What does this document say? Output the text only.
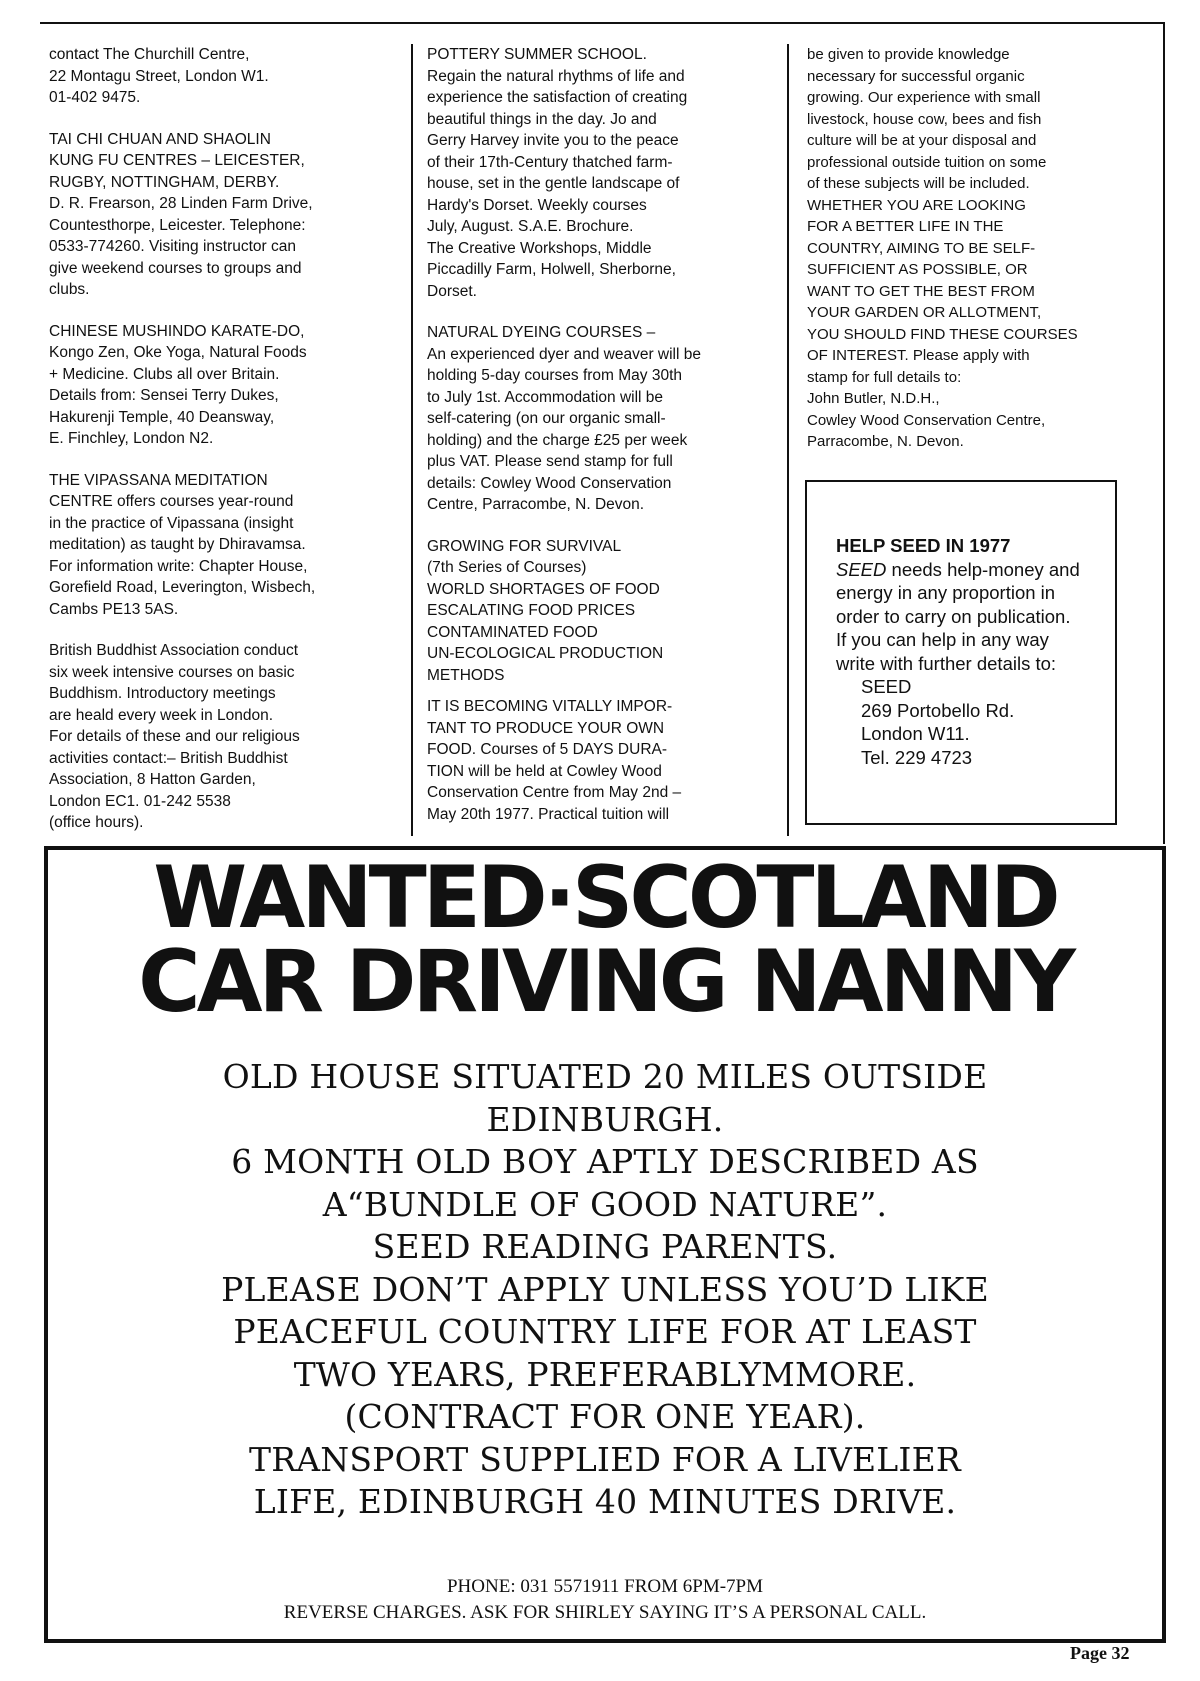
contact The Churchill Centre,
22 Montagu Street, London W1.
01-402 9475.

TAI CHI CHUAN AND SHAOLIN
KUNG FU CENTRES – LEICESTER,
RUGBY, NOTTINGHAM, DERBY.
D. R. Frearson, 28 Linden Farm Drive,
Countesthorpe, Leicester. Telephone:
0533-774260. Visiting instructor can
give weekend courses to groups and
clubs.

CHINESE MUSHINDO KARATE-DO,
Kongo Zen, Oke Yoga, Natural Foods
+ Medicine. Clubs all over Britain.
Details from: Sensei Terry Dukes,
Hakurenji Temple, 40 Deansway,
E. Finchley, London N2.

THE VIPASSANA MEDITATION
CENTRE offers courses year-round
in the practice of Vipassana (insight
meditation) as taught by Dhiravamsa.
For information write: Chapter House,
Gorefield Road, Leverington, Wisbech,
Cambs PE13 5AS.

British Buddhist Association conduct
six week intensive courses on basic
Buddhism. Introductory meetings
are heald every week in London.
For details of these and our religious
activities contact:– British Buddhist
Association, 8 Hatton Garden,
London EC1. 01-242 5538
(office hours).

POTTERY SUMMER SCHOOL.
Regain the natural rhythms of life and
experience the satisfaction of creating
beautiful things in the day. Jo and
Gerry Harvey invite you to the peace
of their 17th-Century thatched farm-
house, set in the gentle landscape of
Hardy's Dorset. Weekly courses
July, August. S.A.E. Brochure.
The Creative Workshops, Middle
Piccadilly Farm, Holwell, Sherborne,
Dorset.

NATURAL DYEING COURSES –
An experienced dyer and weaver will be
holding 5-day courses from May 30th
to July 1st. Accommodation will be
self-catering (on our organic small-
holding) and the charge £25 per week
plus VAT. Please send stamp for full
details: Cowley Wood Conservation
Centre, Parracombe, N. Devon.

GROWING FOR SURVIVAL
(7th Series of Courses)
WORLD SHORTAGES OF FOOD
ESCALATING FOOD PRICES
CONTAMINATED FOOD
UN-ECOLOGICAL PRODUCTION
METHODS

IT IS BECOMING VITALLY IMPOR-
TANT TO PRODUCE YOUR OWN
FOOD. Courses of 5 DAYS DURA-
TION will be held at Cowley Wood
Conservation Centre from May 2nd –
May 20th 1977. Practical tuition will

be given to provide knowledge
necessary for successful organic
growing. Our experience with small
livestock, house cow, bees and fish
culture will be at your disposal and
professional outside tuition on some
of these subjects will be included.
WHETHER YOU ARE LOOKING
FOR A BETTER LIFE IN THE
COUNTRY, AIMING TO BE SELF-
SUFFICIENT AS POSSIBLE, OR
WANT TO GET THE BEST FROM
YOUR GARDEN OR ALLOTMENT,
YOU SHOULD FIND THESE COURSES
OF INTEREST. Please apply with
stamp for full details to:
John Butler, N.D.H.,
Cowley Wood Conservation Centre,
Parracombe, N. Devon.

HELP SEED IN 1977
SEED needs help-money and
energy in any proportion in
order to carry on publication.
If you can help in any way
write with further details to:
SEED
269 Portobello Rd.
London W11.
Tel. 229 4723
WANTED·SCOTLAND
CAR DRIVING NANNY
OLD HOUSE SITUATED 20 MILES OUTSIDE
EDINBURGH.
6 MONTH OLD BOY APTLY DESCRIBED AS
A“BUNDLE OF GOOD NATURE”.
SEED READING PARENTS.
PLEASE DON’T APPLY UNLESS YOU’D LIKE
PEACEFUL COUNTRY LIFE FOR AT LEAST
TWO YEARS, PREFERABLYMMORE.
(CONTRACT FOR ONE YEAR).
TRANSPORT SUPPLIED FOR A LIVELIER
LIFE, EDINBURGH 40 MINUTES DRIVE.
PHONE: 031 5571911 FROM 6PM-7PM
REVERSE CHARGES. ASK FOR SHIRLEY SAYING IT’S A PERSONAL CALL.
Page 32
